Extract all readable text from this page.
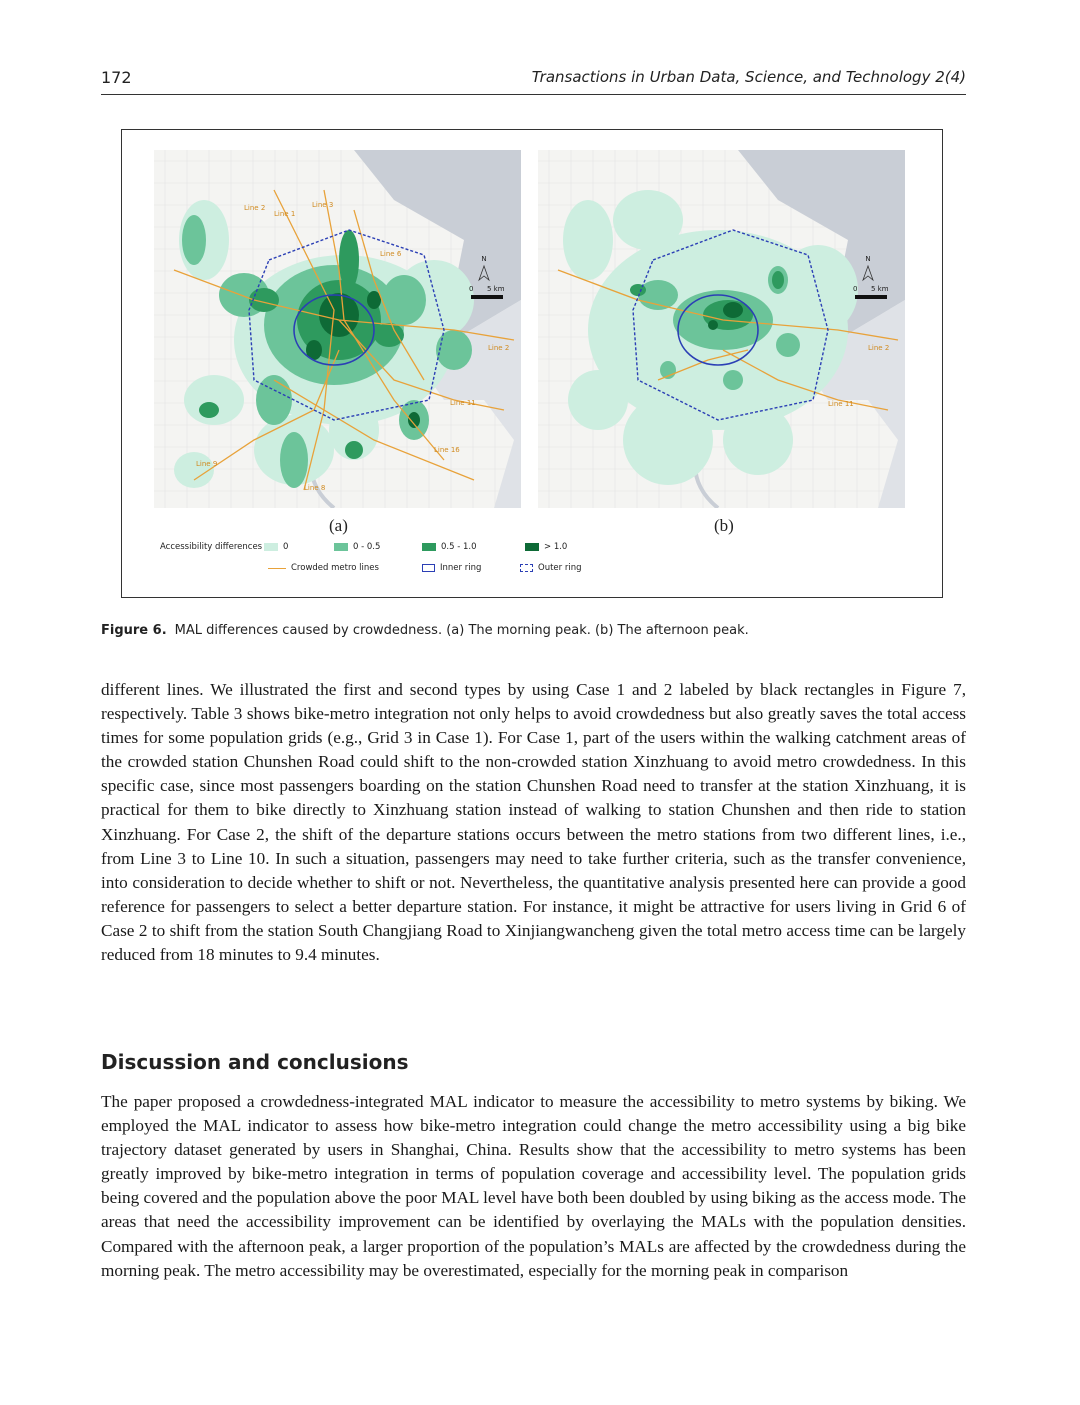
172	Transactions in Urban Data, Science, and Technology 2(4)
Line 2
Line 1
Line 3
Line 6
Line 2
Line 11
Line 9
Line 16
Line 8
N
0 5 km
Line 2
Line 11
N
0 5 km
(a)	(b)
Accessibility differences 0	0 - 0.5	0.5 - 1.0	> 1.0
Crowded metro lines	Inner ring	Outer ring
Figure 6. MAL differences caused by crowdedness. (a) The morning peak. (b) The afternoon peak.

different lines. We illustrated the first and second types by using Case 1 and 2 labeled by black rectangles in Figure 7, respectively. Table 3 shows bike-metro integration not only helps to avoid crowdedness but also greatly saves the total access times for some population grids (e.g., Grid 3 in Case 1). For Case 1, part of the users within the walking catchment areas of the crowded station Chunshen Road could shift to the non-crowded station Xinzhuang to avoid metro crowdedness. In this specific case, since most passengers boarding on the station Chunshen Road need to transfer at the station Xinzhuang, it is practical for them to bike directly to Xinzhuang station instead of walking to station Chunshen and then ride to station Xinzhuang. For Case 2, the shift of the departure stations occurs between the metro stations from two different lines, i.e., from Line 3 to Line 10. In such a situation, passengers may need to take further criteria, such as the transfer convenience, into consideration to decide whether to shift or not. Nevertheless, the quantitative analysis presented here can provide a good reference for passengers to select a better departure station. For instance, it might be attractive for users living in Grid 6 of Case 2 to shift from the station South Changjiang Road to Xinjiangwancheng given the total metro access time can be largely reduced from 18 minutes to 9.4 minutes.

Discussion and conclusions

The paper proposed a crowdedness-integrated MAL indicator to measure the accessibility to metro systems by biking. We employed the MAL indicator to assess how bike-metro integration could change the metro accessibility using a big bike trajectory dataset generated by users in Shanghai, China. Results show that the accessibility to metro systems has been greatly improved by bike-metro integration in terms of population coverage and accessibility level. The population grids being covered and the population above the poor MAL level have both been doubled by using biking as the access mode. The areas that need the accessibility improvement can be identified by overlaying the MALs with the population densities. Compared with the afternoon peak, a larger proportion of the population’s MALs are affected by the crowdedness during the morning peak. The metro accessibility may be overestimated, especially for the morning peak in comparison
